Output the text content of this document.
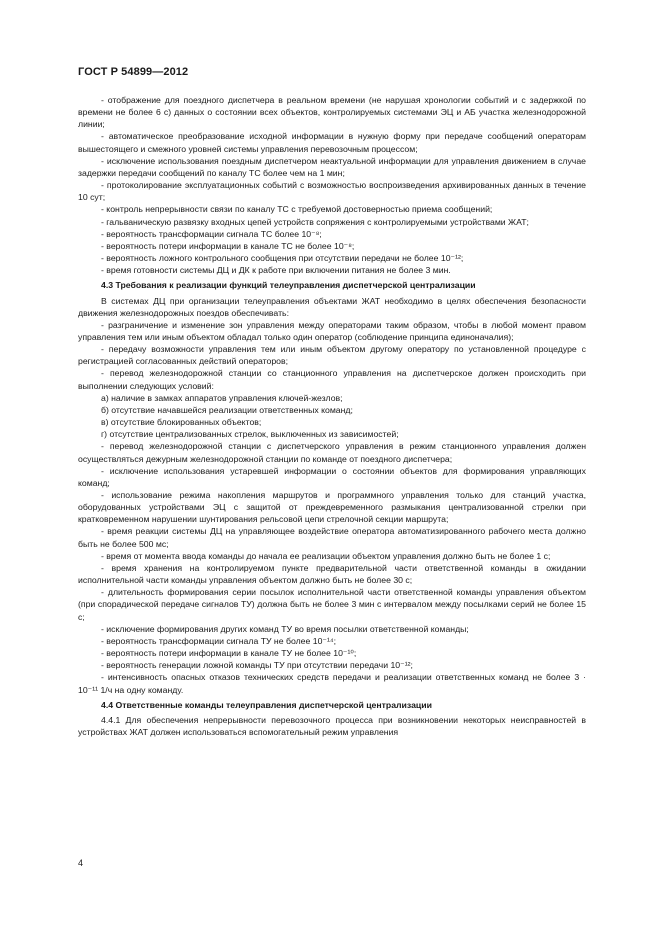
ГОСТ Р 54899—2012

- отображение для поездного диспетчера в реальном времени (не нарушая хронологии событий и с задержкой по времени не более 6 с) данных о состоянии всех объектов, контролируемых системами ЭЦ и АБ участка железнодорожной линии;

- автоматическое преобразование исходной информации в нужную форму при передаче сообщений операторам вышестоящего и смежного уровней системы управления перевозочным процессом;

- исключение использования поездным диспетчером неактуальной информации для управления движением в случае задержки передачи сообщений по каналу ТС более чем на 1 мин;

- протоколирование эксплуатационных событий с возможностью воспроизведения архивированных данных в течение 10 сут;

- контроль непрерывности связи по каналу ТС с требуемой достоверностью приема сообщений;

- гальваническую развязку входных цепей устройств сопряжения с контролируемыми устройствами ЖАТ;

- вероятность трансформации сигнала ТС более 10⁻⁸;

- вероятность потери информации в канале ТС не более 10⁻⁸;

- вероятность ложного контрольного сообщения при отсутствии передачи не более 10⁻¹²;

- время готовности системы ДЦ и ДК к работе при включении питания не более 3 мин.

4.3 Требования к реализации функций телеуправления диспетчерской централизации

В системах ДЦ при организации телеуправления объектами ЖАТ необходимо в целях обеспечения безопасности движения железнодорожных поездов обеспечивать:

- разграничение и изменение зон управления между операторами таким образом, чтобы в любой момент правом управления тем или иным объектом обладал только один оператор (соблюдение принципа единоначалия);

- передачу возможности управления тем или иным объектом другому оператору по установленной процедуре с регистрацией согласованных действий операторов;

- перевод железнодорожной станции со станционного управления на диспетчерское должен происходить при выполнении следующих условий:

а) наличие в замках аппаратов управления ключей-жезлов;

б) отсутствие начавшейся реализации ответственных команд;

в) отсутствие блокированных объектов;

г) отсутствие централизованных стрелок, выключенных из зависимостей;

- перевод железнодорожной станции с диспетчерского управления в режим станционного управления должен осуществляться дежурным железнодорожной станции по команде от поездного диспетчера;

- исключение использования устаревшей информации о состоянии объектов для формирования управляющих команд;

- использование режима накопления маршрутов и программного управления только для станций участка, оборудованных устройствами ЭЦ с защитой от преждевременного размыкания централизованной стрелки при кратковременном нарушении шунтирования рельсовой цепи стрелочной секции маршрута;

- время реакции системы ДЦ на управляющее воздействие оператора автоматизированного рабочего места должно быть не более 500 мс;

- время от момента ввода команды до начала ее реализации объектом управления должно быть не более 1 с;

- время хранения на контролируемом пункте предварительной части ответственной команды в ожидании исполнительной части команды управления объектом должно быть не более 30 с;

- длительность формирования серии посылок исполнительной части ответственной команды управления объектом (при спорадической передаче сигналов ТУ) должна быть не более 3 мин с интервалом между посылками серий не более 15 с;

- исключение формирования других команд ТУ во время посылки ответственной команды;

- вероятность трансформации сигнала ТУ не более 10⁻¹⁴;

- вероятность потери информации в канале ТУ не более 10⁻¹⁰;

- вероятность генерации ложной команды ТУ при отсутствии передачи 10⁻¹²;

- интенсивность опасных отказов технических средств передачи и реализации ответственных команд не более 3 · 10⁻¹¹ 1/ч на одну команду.

4.4 Ответственные команды телеуправления диспетчерской централизации

4.4.1 Для обеспечения непрерывности перевозочного процесса при возникновении некоторых неисправностей в устройствах ЖАТ должен использоваться вспомогательный режим управления

4
